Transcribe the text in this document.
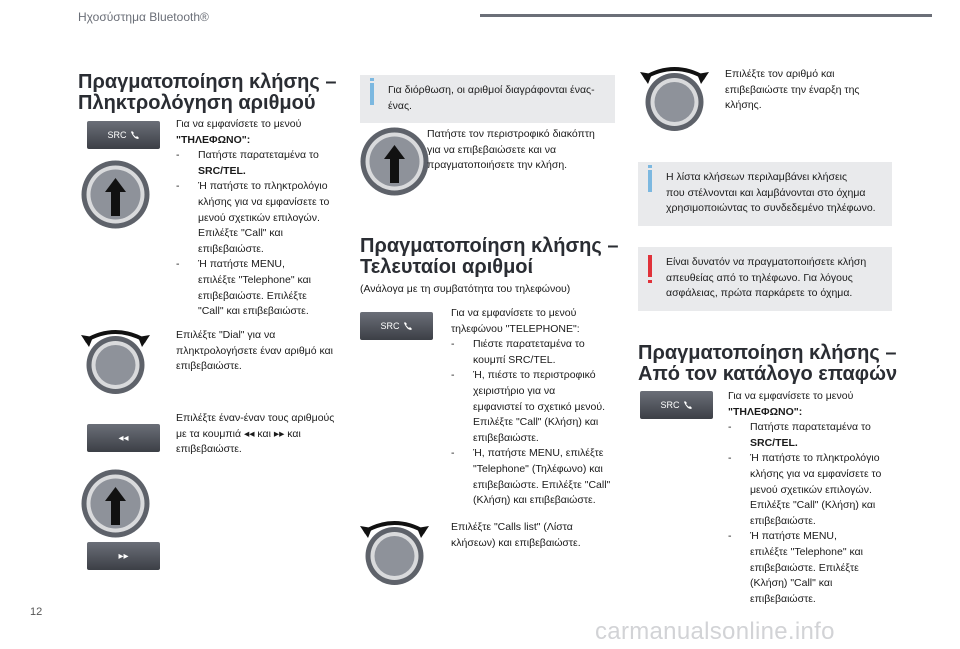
Ηχοσύστημα Bluetooth®
Πραγματοποίηση κλήσης –
Πληκτρολόγηση αριθμού
SRC

Για να εμφανίσετε το μενού

"ΤΗΛΕΦΩΝΟ":

- Πατήστε παρατεταμένα το

SRC/TEL.

- Ή πατήστε το πληκτρολόγιο

κλήσης για να εμφανίσετε το

μενού σχετικών επιλογών.

Επιλέξτε "Call" και

επιβεβαιώστε.

- Ή πατήστε MENU,

επιλέξτε "Telephone" και

επιβεβαιώστε. Επιλέξτε

"Call" και επιβεβαιώστε.

Επιλέξτε "Dial" για να

πληκτρολογήσετε έναν αριθμό και

επιβεβαιώστε.

◂◂

Επιλέξτε έναν-έναν τους αριθμούς

με τα κουμπιά ◂◂ και ▸▸ και

επιβεβαιώστε.

▸▸

Για διόρθωση, οι αριθμοί διαγράφονται ένας-

ένας.

Πατήστε τον περιστροφικό διακόπτη

για να επιβεβαιώσετε και να

πραγματοποιήσετε την κλήση.

Πραγματοποίηση κλήσης –
Τελευταίοι αριθμοί
(Ανάλογα με τη συμβατότητα του τηλεφώνου)
SRC

Για να εμφανίσετε το μενού

τηλεφώνου "TELEPHONE":

- Πιέστε παρατεταμένα το

κουμπί SRC/TEL.

- Ή, πιέστε το περιστροφικό

χειριστήριο για να

εμφανιστεί το σχετικό μενού.

Επιλέξτε "Call" (Κλήση) και

επιβεβαιώστε.

- Ή, πατήστε MENU, επιλέξτε

"Telephone" (Τηλέφωνο) και

επιβεβαιώστε. Επιλέξτε "Call"

(Κλήση) και επιβεβαιώστε.

Επιλέξτε "Calls list" (Λίστα

κλήσεων) και επιβεβαιώστε.

Επιλέξτε τον αριθμό και

επιβεβαιώστε την έναρξη της

κλήσης.

Η λίστα κλήσεων περιλαμβάνει κλήσεις

που στέλνονται και λαμβάνονται στο όχημα

χρησιμοποιώντας το συνδεδεμένο τηλέφωνο.

Είναι δυνατόν να πραγματοποιήσετε κλήση

απευθείας από το τηλέφωνο. Για λόγους

ασφάλειας, πρώτα παρκάρετε το όχημα.

Πραγματοποίηση κλήσης –
Από τον κατάλογο επαφών
SRC

Για να εμφανίσετε το μενού

"ΤΗΛΕΦΩΝΟ":

- Πατήστε παρατεταμένα το

SRC/TEL.

- Ή πατήστε το πληκτρολόγιο

κλήσης για να εμφανίσετε το

μενού σχετικών επιλογών.

Επιλέξτε "Call" (Κλήση) και

επιβεβαιώστε.

- Ή πατήστε MENU,

επιλέξτε "Telephone" και

επιβεβαιώστε. Επιλέξτε

(Κλήση) "Call" και

επιβεβαιώστε.

12
carmanualsonline.info
